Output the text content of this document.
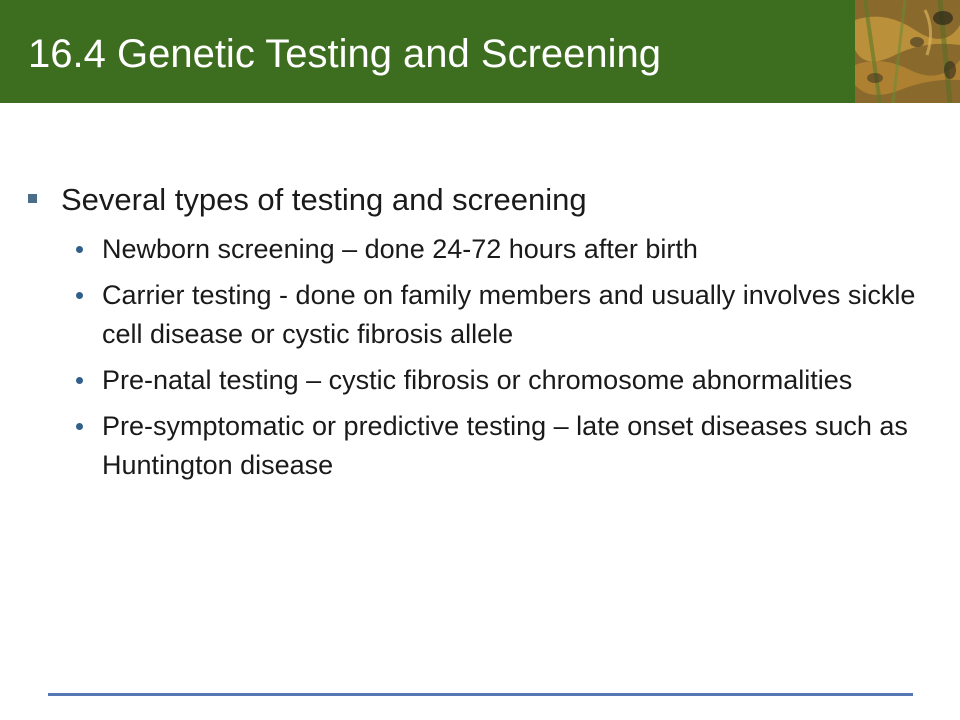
16.4 Genetic Testing and Screening
Several types of testing and screening
Newborn screening – done 24-72 hours after birth
Carrier testing - done on family members and usually involves sickle cell disease or cystic fibrosis allele
Pre-natal testing – cystic fibrosis or chromosome abnormalities
Pre-symptomatic or predictive testing – late onset diseases such as Huntington disease
